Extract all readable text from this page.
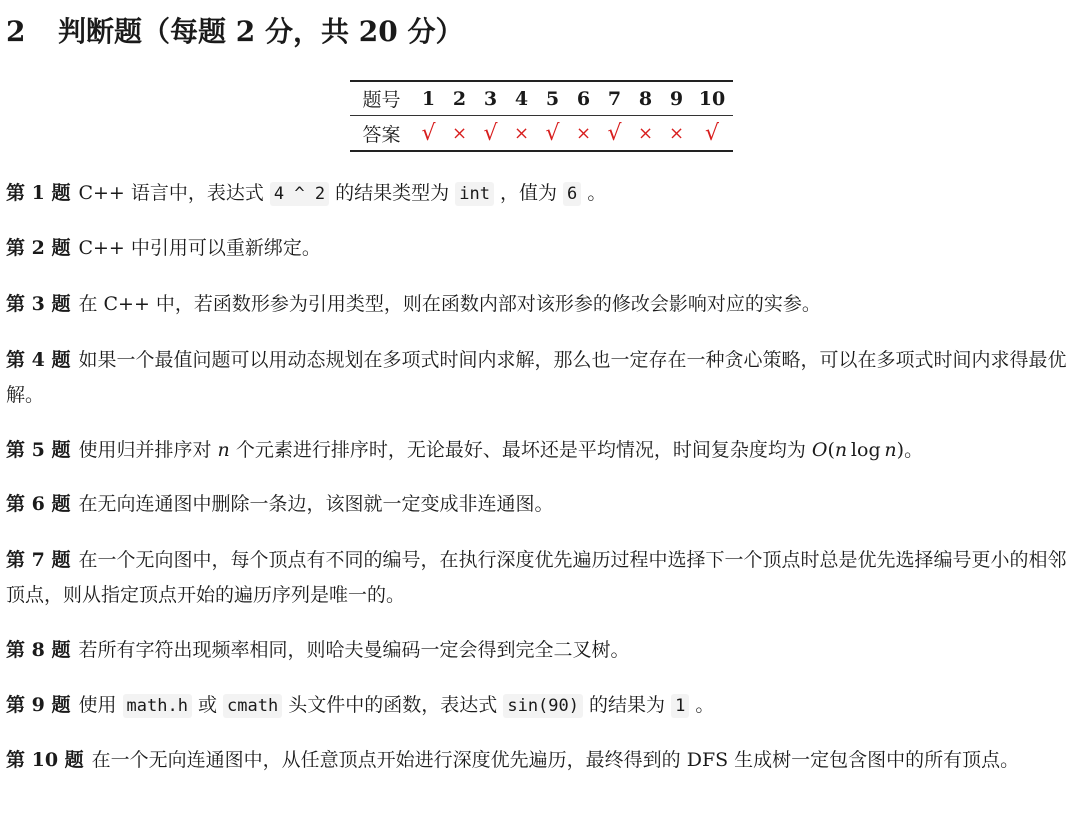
2 判断题（每题 2 分，共 20 分）
题号	1 2 3 4 5 6 7 8 9 10
答案 √ × √ × √ × √ × × √
第 1 题 C++ 语言中，表达式 4 ^ 2 的结果类型为 int ，值为 6 。
第 2 题 C++ 中引用可以重新绑定。
第 3 题 在 C++ 中，若函数形参为引用类型，则在函数内部对该形参的修改会影响对应的实参。
第 4 题 如果一个最值问题可以用动态规划在多项式时间内求解，那么也一定存在一种贪心策略，可以在多项式时间内求得最优解。
第 5 题 使用归并排序对 n 个元素进行排序时，无论最好、最坏还是平均情况，时间复杂度均为 O(n  log  n)。
第 6 题 在无向连通图中删除一条边，该图就一定变成非连通图。
第 7 题 在一个无向图中，每个顶点有不同的编号，在执行深度优先遍历过程中选择下一个顶点时总是优先选择编号更小的相邻顶点，则从指定顶点开始的遍历序列是唯一的。
第 8 题 若所有字符出现频率相同，则哈夫曼编码一定会得到完全二叉树。
第 9 题 使用 math.h 或 cmath 头文件中的函数，表达式 sin(90) 的结果为 1 。
第 10 题 在一个无向连通图中，从任意顶点开始进行深度优先遍历，最终得到的 DFS 生成树一定包含图中的所有顶点。
